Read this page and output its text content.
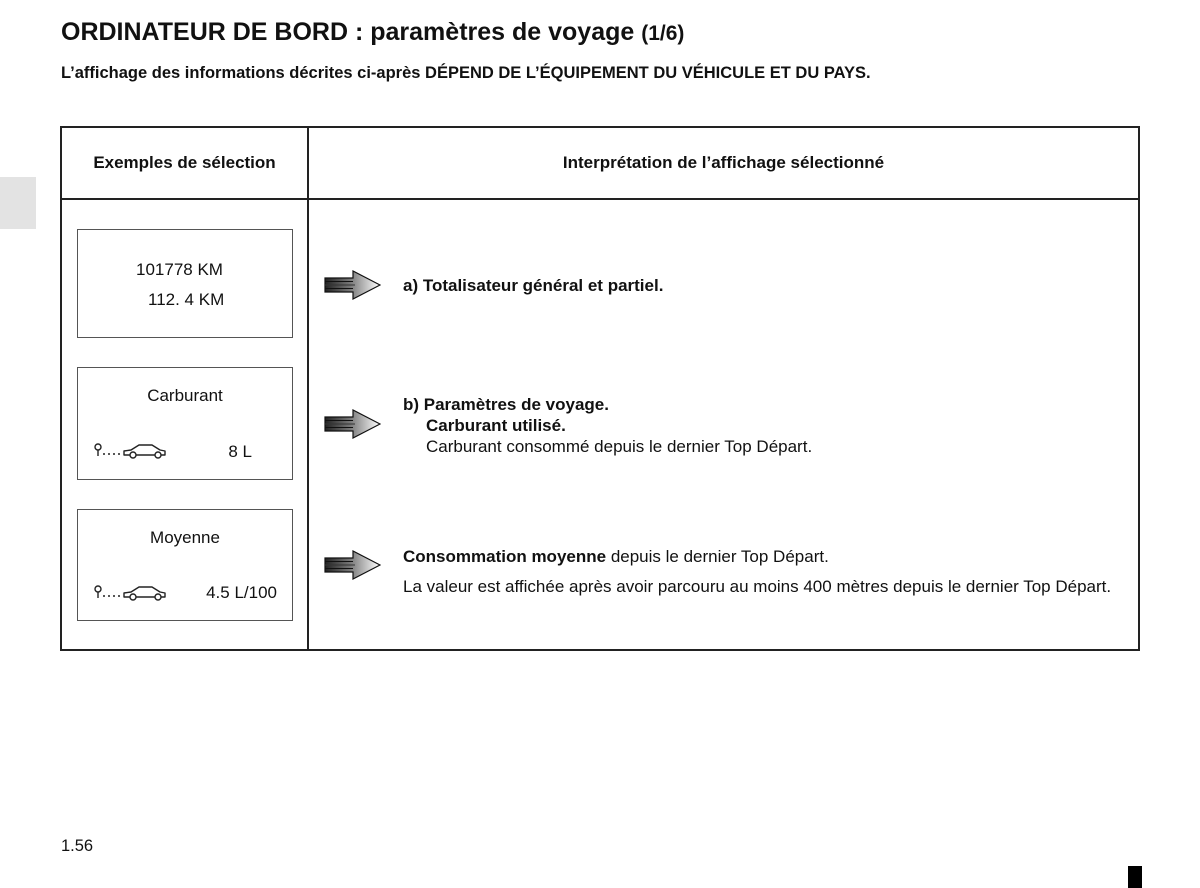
ORDINATEUR DE BORD : paramètres de voyage (1/6)

L’affichage des informations décrites ci-après DÉPEND DE L’ÉQUIPEMENT DU VÉHICULE ET DU PAYS.

Exemples de sélection	Interprétation de l’affichage sélectionné
101778 KM
112. 4 KM
a) Totalisateur général et partiel.
Carburant
8 L
b) Paramètres de voyage.
Carburant utilisé.
Carburant consommé depuis le dernier Top Départ.
Moyenne
4.5 L/100
Consommation moyenne depuis le dernier Top Départ.
La valeur est affichée après avoir parcouru au moins 400 mètres depuis le dernier Top Départ.
1.56
